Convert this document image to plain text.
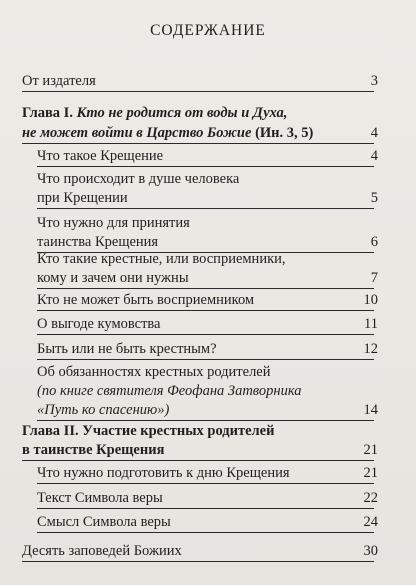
СОДЕРЖАНИЕ
От издателя	3
Глава I. Кто не родится от воды и Духа,
не может войти в Царство Божие (Ин. 3, 5)	4
Что такое Крещение	4
Что происходит в душе человека
при Крещении	5
Что нужно для принятия
таинства Крещения	6
Кто такие крестные, или восприемники,
кому и зачем они нужны	7
Кто не может быть восприемником	10
О выгоде кумовства	11
Быть или не быть крестным?	12
Об обязанностях крестных родителей
(по книге святителя Феофана Затворника
«Путь ко спасению»)	14
Глава II. Участие крестных родителей
в таинстве Крещения	21
Что нужно подготовить к дню Крещения	21
Текст Символа веры	22
Смысл Символа веры	24
Десять заповедей Божиих	30
